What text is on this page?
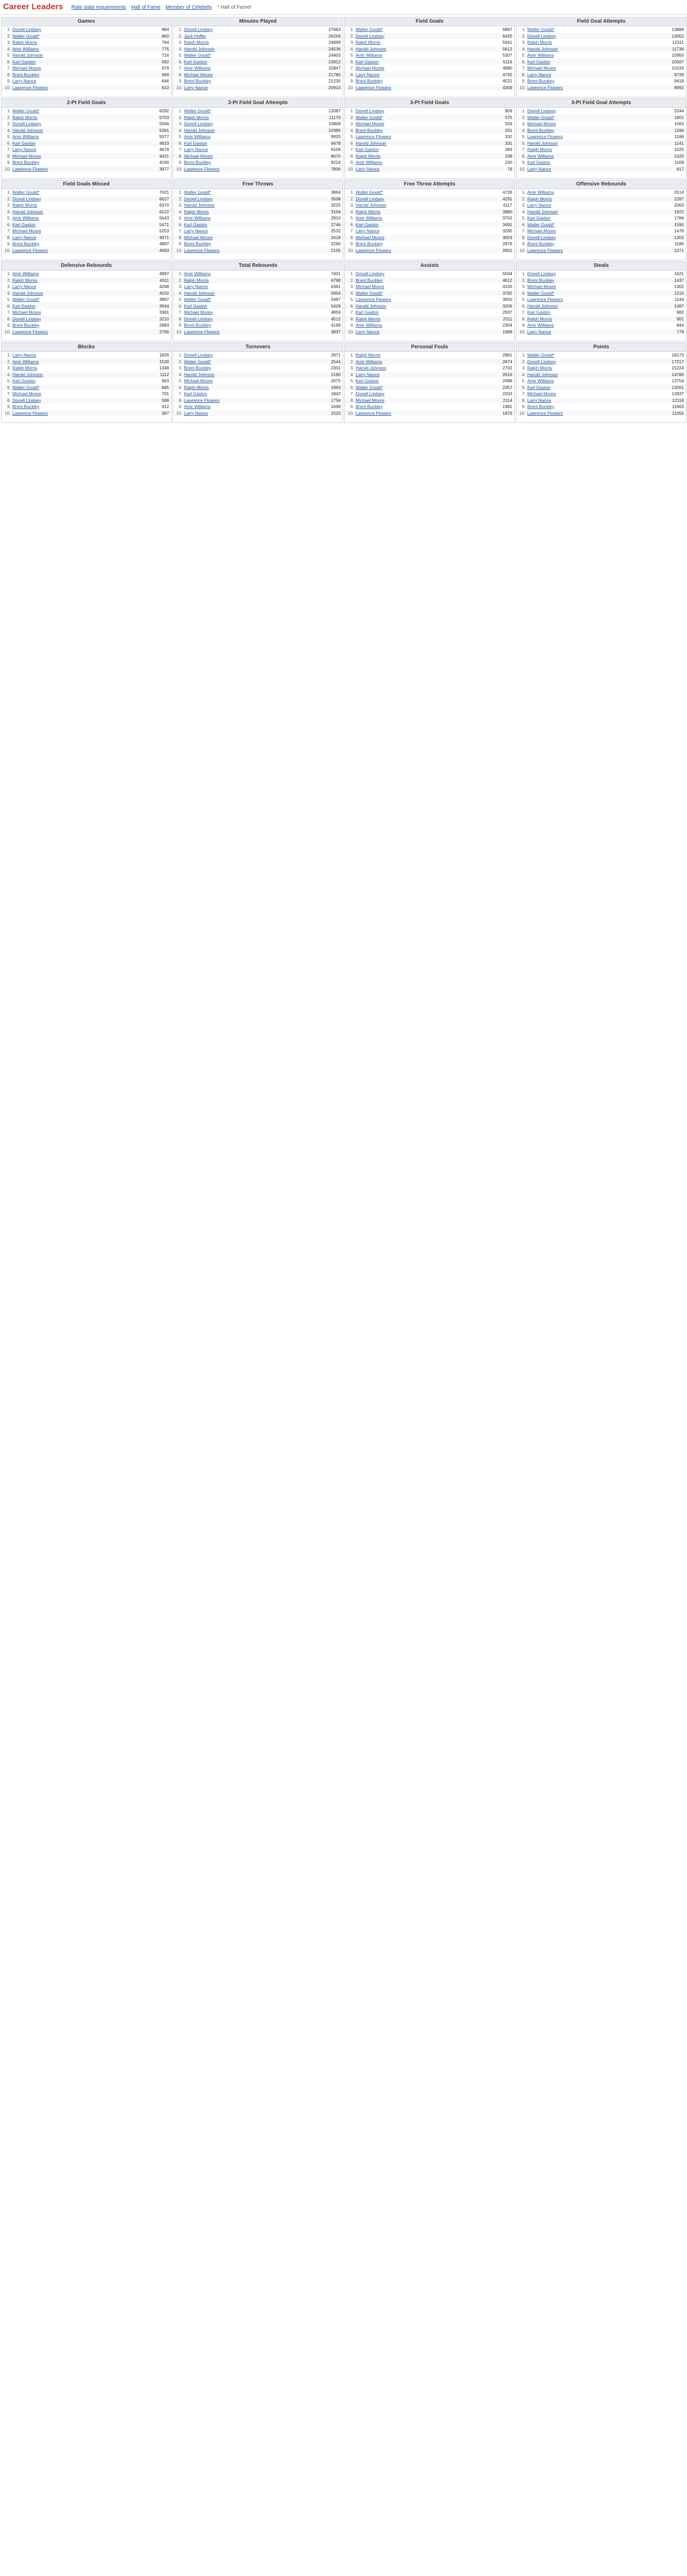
Career Leaders Rate stats requirements Hall of Fame Member of Celebrity * Hall of Famer
Games
1. Donell Lindsey	884
2. Walter Gould*	860
3. Ralph Morris	794
4. Amir Williams	775
5. Harold Johnson	716
6. Karl Gaston	692
7. Michael Moore	679
8. Brent Buckley	669
9. Larry Nance	646
10. Lawrence Flowers	610
Minutes Played
1. Donell Lindsey	27663
2. Jack Hoffer	26256
3. Ralph Morris	24999
4. Harold Johnson	24536
5. Walter Gould*	24403
6. Karl Gaston	23912
7. Amir Williams	22847
8. Michael Moore	21780
9. Brent Buckley	21235
10. Larry Nance	20910
Field Goals
1. Walter Gould*	6867
2. Donell Lindsey	6425
3. Ralph Morris	5941
4. Harold Johnson	5612
5. Amir Williams	5307
6. Karl Gaston	5116
7. Michael Moore	4980
8. Larry Nance	4755
9. Brent Buckley	4521
10. Lawrence Flowers	4309
Field Goal Attempts
1. Walter Gould*	13888
2. Donell Lindsey	13052
3. Ralph Morris	12311
4. Harold Johnson	11734
5. Amir Williams	10950
6. Karl Gaston	10587
7. Michael Moore	10233
8. Larry Nance	9726
9. Brent Buckley	9418
10. Lawrence Flowers	8992
2-Pt Field Goals
1. Walter Gould*	6292
2. Ralph Morris	5703
3. Donell Lindsey	5566
4. Harold Johnson	5281
5. Amir Williams	5077
6. Karl Gaston	4833
7. Larry Nance	4679
8. Michael Moore	4421
9. Brent Buckley	4190
10. Lawrence Flowers	3977
2-Pt Field Goal Attempts
1. Walter Gould*	12087
2. Ralph Morris	11170
3. Donell Lindsey	10808
4. Harold Johnson	10395
5. Amir Williams	9925
6. Karl Gaston	9478
7. Larry Nance	9109
8. Michael Moore	8670
9. Brent Buckley	8224
10. Lawrence Flowers	7806
3-Pt Field Goals
1. Donell Lindsey	859
2. Walter Gould*	575
3. Michael Moore	559
4. Brent Buckley	331
5. Lawrence Flowers	332
6. Harold Johnson	331
7. Karl Gaston	283
8. Ralph Morris	238
9. Amir Williams	230
10. Larry Nance	76
3-Pt Field Goal Attempts
1. Donell Lindsey	2244
2. Walter Gould*	1801
3. Michael Moore	1563
4. Brent Buckley	1194
5. Lawrence Flowers	1186
6. Harold Johnson	1141
7. Ralph Morris	1025
8. Amir Williams	1025
9. Karl Gaston	1109
10. Larry Nance	617
Field Goals Missed
1. Walter Gould*	7021
2. Donell Lindsey	6627
3. Ralph Morris	6370
4. Harold Johnson	6122
5. Amir Williams	5643
6. Karl Gaston	5471
7. Michael Moore	5253
8. Larry Nance	4971
9. Brent Buckley	4897
10. Lawrence Flowers	4683
Free Throws
1. Walter Gould*	3864
2. Donell Lindsey	3508
3. Harold Johnson	3225
4. Ralph Morris	3104
5. Amir Williams	2910
6. Karl Gaston	2746
7. Larry Nance	2532
8. Michael Moore	2418
9. Brent Buckley	2290
10. Lawrence Flowers	2105
Free Throw Attempts
1. Walter Gould*	4726
2. Donell Lindsey	4291
3. Harold Johnson	4117
4. Ralph Morris	3980
5. Amir Williams	3702
6. Karl Gaston	3491
7. Larry Nance	3285
8. Michael Moore	3003
9. Brent Buckley	2876
10. Lawrence Flowers	2651
Offensive Rebounds
1. Amir Williams	2514
2. Ralph Morris	2287
3. Larry Nance	2063
4. Harold Johnson	1922
5. Karl Gaston	1784
6. Walter Gould*	1590
7. Michael Moore	1478
8. Donell Lindsey	1302
9. Brent Buckley	1186
10. Lawrence Flowers	1071
Defensive Rebounds
1. Amir Williams	4887
2. Ralph Morris	4511
3. Larry Nance	4298
4. Harold Johnson	4032
5. Walter Gould*	3897
6. Karl Gaston	3644
7. Michael Moore	3381
8. Donell Lindsey	3210
9. Brent Buckley	2983
10. Lawrence Flowers	2766
Total Rebounds
1. Amir Williams	7401
2. Ralph Morris	6798
3. Larry Nance	6361
4. Harold Johnson	5954
5. Walter Gould*	5487
6. Karl Gaston	5428
7. Michael Moore	4859
8. Donell Lindsey	4512
9. Brent Buckley	4169
10. Lawrence Flowers	3837
Assists
1. Donell Lindsey	5034
2. Brent Buckley	4612
3. Michael Moore	4105
4. Walter Gould*	3782
5. Lawrence Flowers	3550
6. Harold Johnson	3206
7. Karl Gaston	2937
8. Ralph Morris	2511
9. Amir Williams	2304
10. Larry Nance	1988
Steals
1. Donell Lindsey	1621
2. Brent Buckley	1437
3. Michael Moore	1302
4. Walter Gould*	1215
5. Lawrence Flowers	1144
6. Harold Johnson	1087
7. Karl Gaston	982
8. Ralph Morris	901
9. Amir Williams	844
10. Larry Nance	779
Blocks
1. Larry Nance	1826
2. Amir Williams	1530
3. Ralph Morris	1348
4. Harold Johnson	1112
5. Karl Gaston	963
6. Walter Gould*	845
7. Michael Moore	701
8. Donell Lindsey	588
9. Brent Buckley	412
10. Lawrence Flowers	367
Turnovers
1. Donell Lindsey	2871
2. Walter Gould*	2544
3. Brent Buckley	2301
4. Harold Johnson	2190
5. Michael Moore	2075
6. Ralph Morris	1963
7. Karl Gaston	1842
8. Lawrence Flowers	1756
9. Amir Williams	1698
10. Larry Nance	1520
Personal Fouls
1. Ralph Morris	2981
2. Amir Williams	2874
3. Harold Johnson	2702
4. Larry Nance	2619
5. Karl Gaston	2488
6. Walter Gould*	2357
7. Donell Lindsey	2203
8. Michael Moore	2114
9. Brent Buckley	1981
10. Lawrence Flowers	1876
Points
1. Walter Gould*	18173
2. Donell Lindsey	17217
3. Ralph Morris	15224
4. Harold Johnson	14780
5. Amir Williams	13754
6. Karl Gaston	13261
7. Michael Moore	12937
8. Larry Nance	12118
9. Brent Buckley	11663
10. Lawrence Flowers	11055
